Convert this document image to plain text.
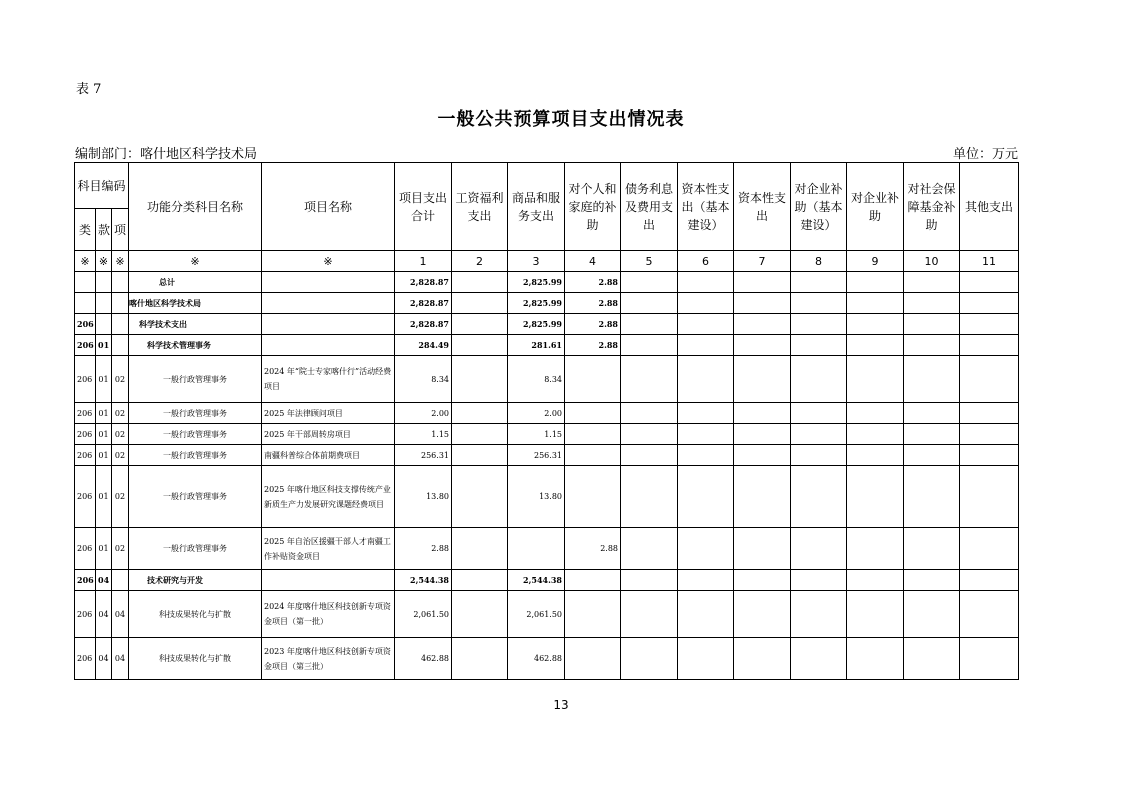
表 7
一般公共预算项目支出情况表
编制部门：喀什地区科学技术局	单位：万元
科目编码			功能分类科目名称	项目名称	项目支出合计	工资福利支出	商品和服务支出	对个人和家庭的补助	债务利息及费用支出	资本性支出（基本建设）	资本性支出	对企业补助（基本建设）	对企业补助	对社会保障基金补助	其他支出
类	款	项													
※	※	※	※	※	1	2	3	4	5	6	7	8	9	10	11
			总计		2,828.87		2,825.99	2.88							
			喀什地区科学技术局		2,828.87		2,825.99	2.88							
206			科学技术支出		2,828.87		2,825.99	2.88							
206	01		科学技术管理事务		284.49		281.61	2.88							
206	01	02	一般行政管理事务	2024 年“院士专家喀什行”活动经费项目	8.34		8.34								
206	01	02	一般行政管理事务	2025 年法律顾问项目	2.00		2.00								
206	01	02	一般行政管理事务	2025 年干部周转房项目	1.15		1.15								
206	01	02	一般行政管理事务	南疆科普综合体前期费项目	256.31		256.31								
206	01	02	一般行政管理事务	2025 年喀什地区科技支撑传统产业新质生产力发展研究课题经费项目	13.80		13.80								
206	01	02	一般行政管理事务	2025 年自治区援疆干部人才南疆工作补贴资金项目	2.88			2.88							
206	04		技术研究与开发		2,544.38		2,544.38								
206	04	04	科技成果转化与扩散	2024 年度喀什地区科技创新专项资金项目（第一批）	2,061.50		2,061.50								
206	04	04	科技成果转化与扩散	2023 年度喀什地区科技创新专项资金项目（第三批）	462.88		462.88								
13
